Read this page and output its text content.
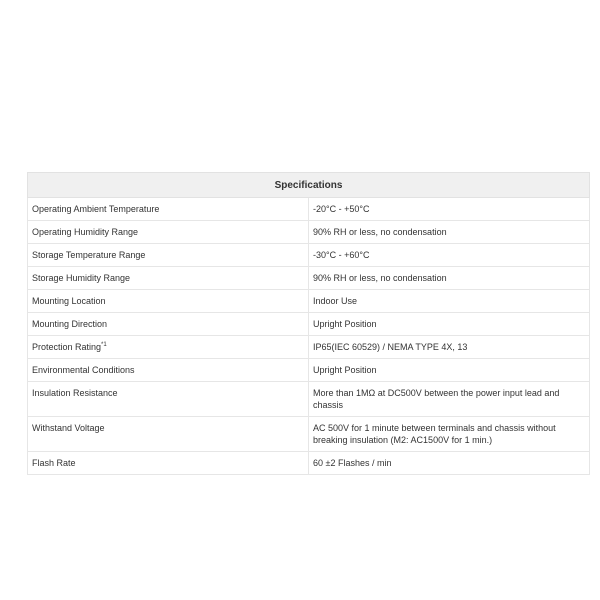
Specifications	
Operating Ambient Temperature	-20°C - +50°C
Operating Humidity Range	90% RH or less, no condensation
Storage Temperature Range	-30°C - +60°C
Storage Humidity Range	90% RH or less, no condensation
Mounting Location	Indoor Use
Mounting Direction	Upright Position
Protection Rating$^{*1}$	IP65(IEC 60529) / NEMA TYPE 4X, 13
Environmental Conditions	Upright Position
Insulation Resistance	More than 1MΩ at DC500V between the power input lead and chassis
Withstand Voltage	AC 500V for 1 minute between terminals and chassis without breaking insulation (M2: AC1500V for 1 min.)
Flash Rate	60 ±2 Flashes / min
